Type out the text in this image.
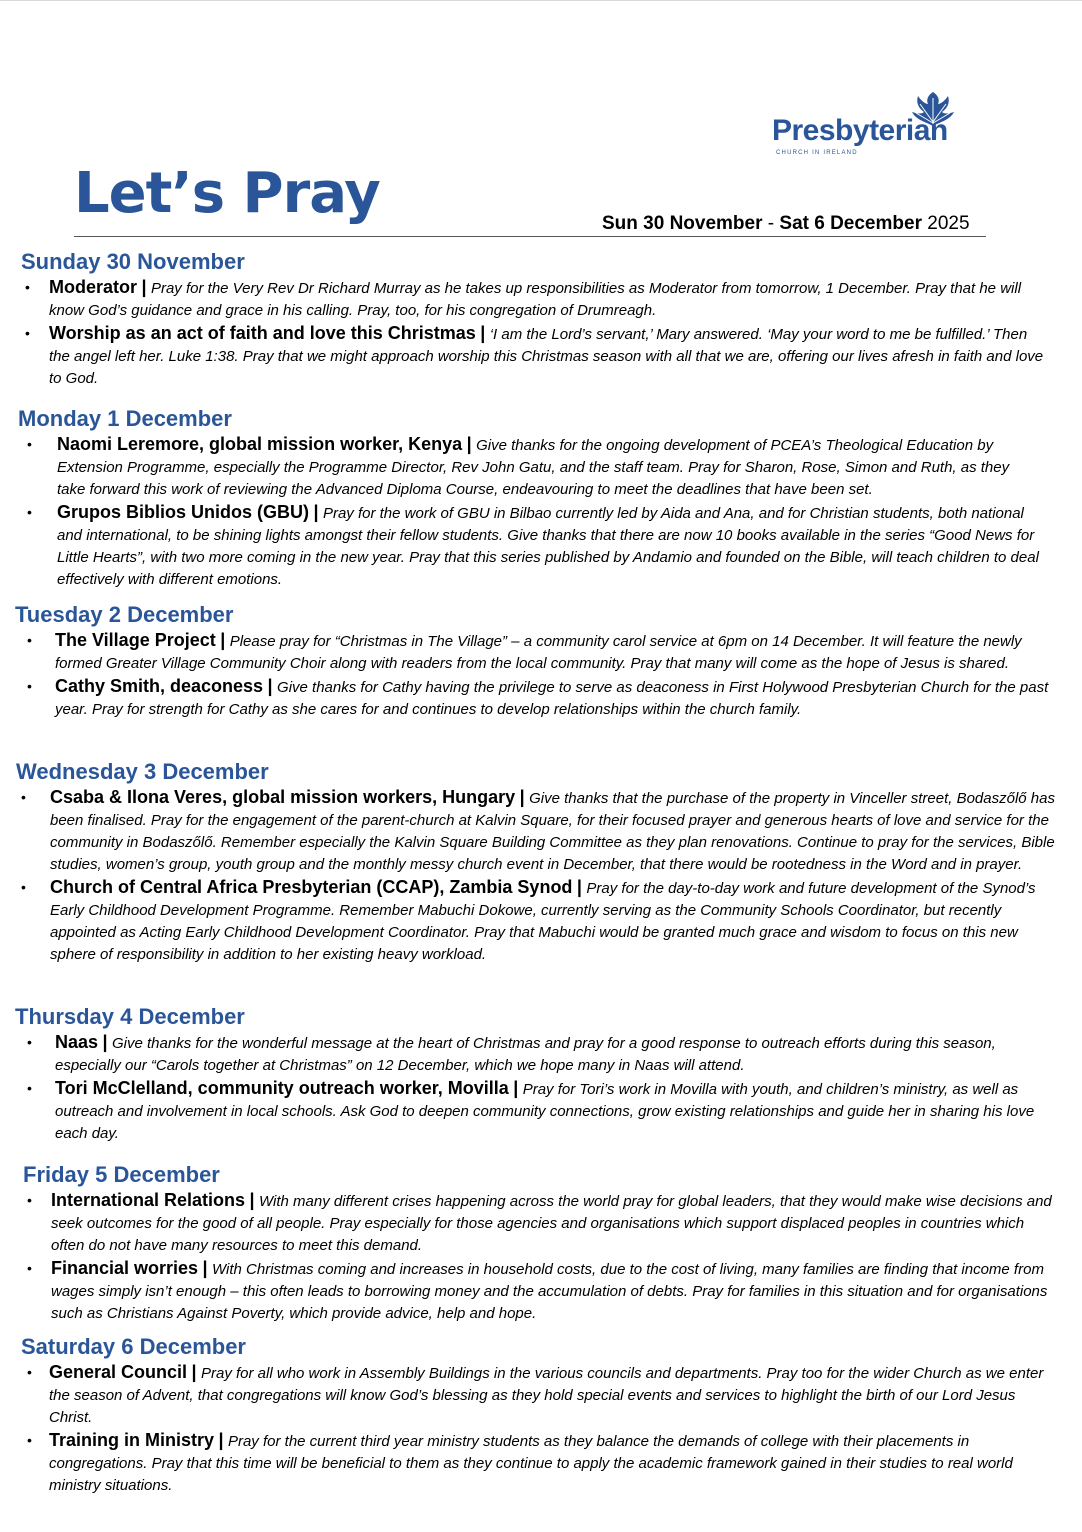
Presbyterian
CHURCH IN IRELAND
Let’s Pray	Sun 30 November - Sat 6 December 2025
Sunday 30 November
• Moderator | Pray for the Very Rev Dr Richard Murray as he takes up responsibilities as Moderator from tomorrow, 1 December. Pray that he will know God’s guidance and grace in his calling. Pray, too, for his congregation of Drumreagh.

• Worship as an act of faith and love this Christmas | ‘I am the Lord’s servant,’ Mary answered. ‘May your word to me be fulfilled.’ Then the angel left her. Luke 1:38. Pray that we might approach worship this Christmas season with all that we are, offering our lives afresh in faith and love to God.

Monday 1 December
• Naomi Leremore, global mission worker, Kenya | Give thanks for the ongoing development of PCEA’s Theological Education by Extension Programme, especially the Programme Director, Rev John Gatu, and the staff team. Pray for Sharon, Rose, Simon and Ruth, as they take forward this work of reviewing the Advanced Diploma Course, endeavouring to meet the deadlines that have been set.

• Grupos Biblios Unidos (GBU) | Pray for the work of GBU in Bilbao currently led by Aida and Ana, and for Christian students, both national and international, to be shining lights amongst their fellow students. Give thanks that there are now 10 books available in the series “Good News for Little Hearts”, with two more coming in the new year. Pray that this series published by Andamio and founded on the Bible, will teach children to deal effectively with different emotions.

Tuesday 2 December
• The Village Project | Please pray for “Christmas in The Village” – a community carol service at 6pm on 14 December. It will feature the newly formed Greater Village Community Choir along with readers from the local community. Pray that many will come as the hope of Jesus is shared.

• Cathy Smith, deaconess | Give thanks for Cathy having the privilege to serve as deaconess in First Holywood Presbyterian Church for the past year. Pray for strength for Cathy as she cares for and continues to develop relationships within the church family.

Wednesday 3 December
• Csaba & Ilona Veres, global mission workers, Hungary | Give thanks that the purchase of the property in Vinceller street, Bodaszőlő has been finalised. Pray for the engagement of the parent-church at Kalvin Square, for their focused prayer and generous hearts of love and service for the community in Bodaszőlő. Remember especially the Kalvin Square Building Committee as they plan renovations. Continue to pray for the services, Bible studies, women’s group, youth group and the monthly messy church event in December, that there would be rootedness in the Word and in prayer.

• Church of Central Africa Presbyterian (CCAP), Zambia Synod | Pray for the day-to-day work and future development of the Synod’s Early Childhood Development Programme. Remember Mabuchi Dokowe, currently serving as the Community Schools Coordinator, but recently appointed as Acting Early Childhood Development Coordinator. Pray that Mabuchi would be granted much grace and wisdom to focus on this new sphere of responsibility in addition to her existing heavy workload.

Thursday 4 December
• Naas | Give thanks for the wonderful message at the heart of Christmas and pray for a good response to outreach efforts during this season, especially our “Carols together at Christmas” on 12 December, which we hope many in Naas will attend.

• Tori McClelland, community outreach worker, Movilla | Pray for Tori’s work in Movilla with youth, and children’s ministry, as well as outreach and involvement in local schools. Ask God to deepen community connections, grow existing relationships and guide her in sharing his love each day.

Friday 5 December
• International Relations | With many different crises happening across the world pray for global leaders, that they would make wise decisions and seek outcomes for the good of all people. Pray especially for those agencies and organisations which support displaced peoples in countries which often do not have many resources to meet this demand.

• Financial worries | With Christmas coming and increases in household costs, due to the cost of living, many families are finding that income from wages simply isn’t enough – this often leads to borrowing money and the accumulation of debts. Pray for families in this situation and for organisations such as Christians Against Poverty, which provide advice, help and hope.

Saturday 6 December
• General Council | Pray for all who work in Assembly Buildings in the various councils and departments. Pray too for the wider Church as we enter the season of Advent, that congregations will know God’s blessing as they hold special events and services to highlight the birth of our Lord Jesus Christ.

• Training in Ministry | Pray for the current third year ministry students as they balance the demands of college with their placements in congregations. Pray that this time will be beneficial to them as they continue to apply the academic framework gained in their studies to real world ministry situations.
